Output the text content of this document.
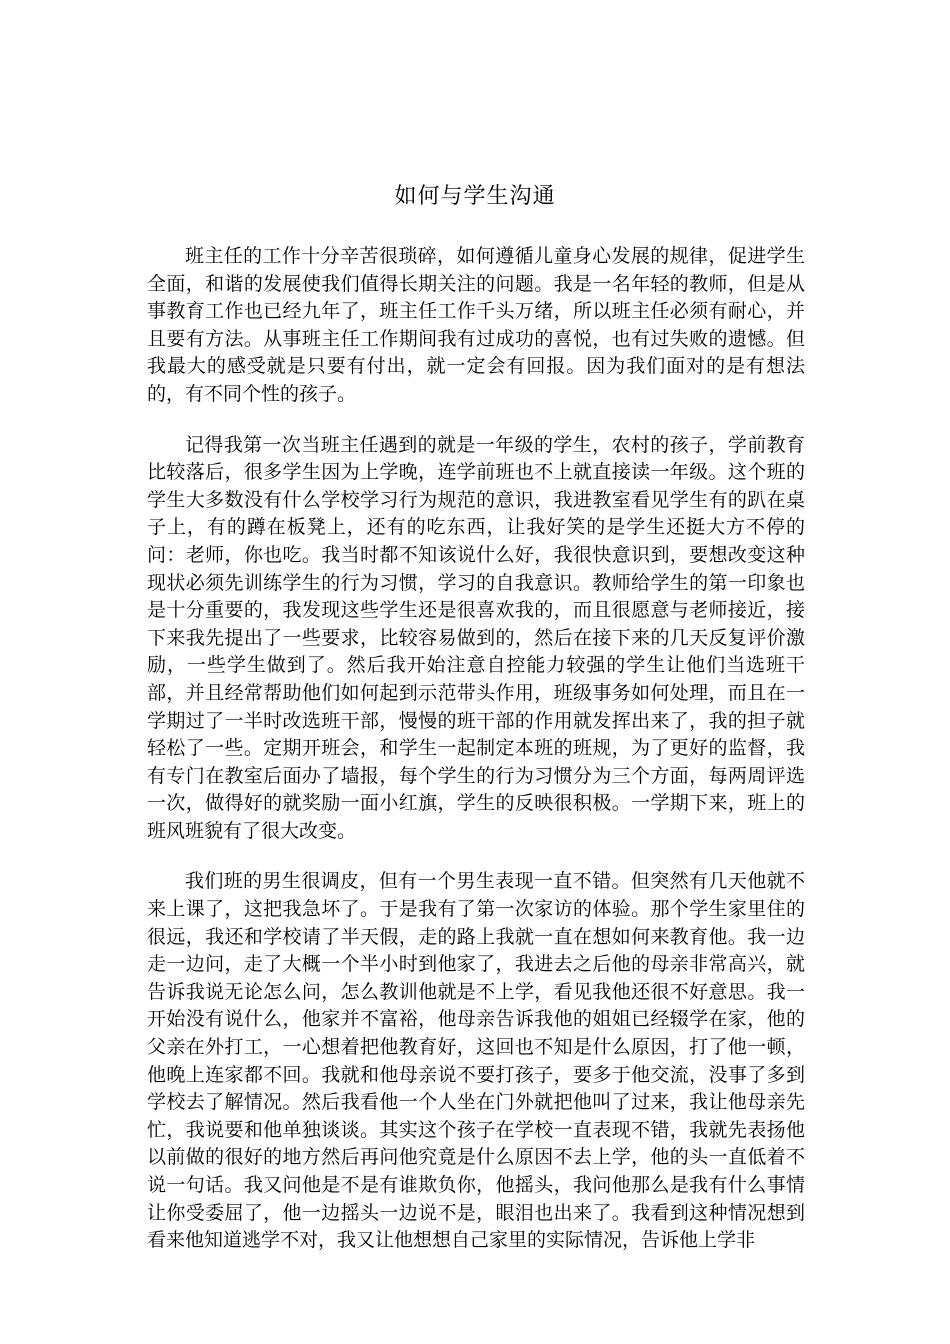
如何与学生沟通

班主任的工作十分辛苦很琐碎，如何遵循儿童身心发展的规律，促进学生全面，和谐的发展使我们值得长期关注的问题。我是一名年轻的教师，但是从事教育工作也已经九年了，班主任工作千头万绪，所以班主任必须有耐心，并且要有方法。从事班主任工作期间我有过成功的喜悦，也有过失败的遗憾。但我最大的感受就是只要有付出，就一定会有回报。因为我们面对的是有想法的，有不同个性的孩子。

记得我第一次当班主任遇到的就是一年级的学生，农村的孩子，学前教育比较落后，很多学生因为上学晚，连学前班也不上就直接读一年级。这个班的学生大多数没有什么学校学习行为规范的意识，我进教室看见学生有的趴在桌子上，有的蹲在板凳上，还有的吃东西，让我好笑的是学生还挺大方不停的问：老师，你也吃。我当时都不知该说什么好，我很快意识到，要想改变这种现状必须先训练学生的行为习惯，学习的自我意识。教师给学生的第一印象也是十分重要的，我发现这些学生还是很喜欢我的，而且很愿意与老师接近，接下来我先提出了一些要求，比较容易做到的，然后在接下来的几天反复评价激励，一些学生做到了。然后我开始注意自控能力较强的学生让他们当选班干部，并且经常帮助他们如何起到示范带头作用，班级事务如何处理，而且在一学期过了一半时改选班干部，慢慢的班干部的作用就发挥出来了，我的担子就轻松了一些。定期开班会，和学生一起制定本班的班规，为了更好的监督，我有专门在教室后面办了墙报，每个学生的行为习惯分为三个方面，每两周评选一次，做得好的就奖励一面小红旗，学生的反映很积极。一学期下来，班上的班风班貌有了很大改变。

我们班的男生很调皮，但有一个男生表现一直不错。但突然有几天他就不来上课了，这把我急坏了。于是我有了第一次家访的体验。那个学生家里住的很远，我还和学校请了半天假，走的路上我就一直在想如何来教育他。我一边走一边问，走了大概一个半小时到他家了，我进去之后他的母亲非常高兴，就告诉我说无论怎么问，怎么教训他就是不上学，看见我他还很不好意思。我一开始没有说什么，他家并不富裕，他母亲告诉我他的姐姐已经辍学在家，他的父亲在外打工，一心想着把他教育好，这回也不知是什么原因，打了他一顿，他晚上连家都不回。我就和他母亲说不要打孩子，要多于他交流，没事了多到学校去了解情况。然后我看他一个人坐在门外就把他叫了过来，我让他母亲先忙，我说要和他单独谈谈。其实这个孩子在学校一直表现不错，我就先表扬他以前做的很好的地方然后再问他究竟是什么原因不去上学，他的头一直低着不说一句话。我又问他是不是有谁欺负你，他摇头，我问他那么是我有什么事情让你受委屈了，他一边摇头一边说不是，眼泪也出来了。我看到这种情况想到看来他知道逃学不对，我又让他想想自己家里的实际情况，告诉他上学非
